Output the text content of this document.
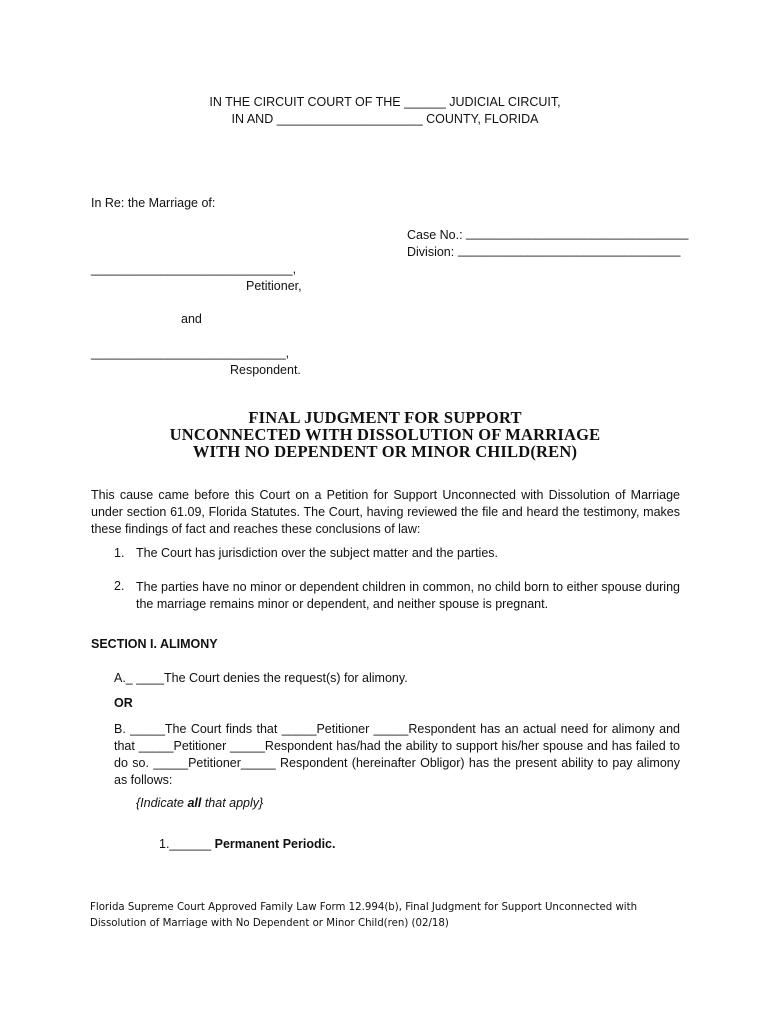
IN THE CIRCUIT COURT OF THE ______ JUDICIAL CIRCUIT,
IN AND _____________________ COUNTY, FLORIDA
In Re: the Marriage of:
Case No.: ________________________________
Division: ________________________________
_____________________________,
Petitioner,
and
____________________________,
Respondent.
FINAL JUDGMENT FOR SUPPORT
UNCONNECTED WITH DISSOLUTION OF MARRIAGE
WITH NO DEPENDENT OR MINOR CHILD(REN)
This cause came before this Court on a Petition for Support Unconnected with Dissolution of Marriage under section 61.09, Florida Statutes. The Court, having reviewed the file and heard the testimony, makes these findings of fact and reaches these conclusions of law:
1. The Court has jurisdiction over the subject matter and the parties.
2. The parties have no minor or dependent children in common, no child born to either spouse during the marriage remains minor or dependent, and neither spouse is pregnant.
SECTION I. ALIMONY
A._ ____The Court denies the request(s) for alimony.
OR
B. _____The Court finds that _____Petitioner _____Respondent has an actual need for alimony and that _____Petitioner _____Respondent has/had the ability to support his/her spouse and has failed to do so. _____Petitioner_____ Respondent (hereinafter Obligor) has the present ability to pay alimony as follows:
{Indicate all that apply}
1.______ Permanent Periodic.
Florida Supreme Court Approved Family Law Form 12.994(b), Final Judgment for Support Unconnected with
Dissolution of Marriage with No Dependent or Minor Child(ren) (02/18)
